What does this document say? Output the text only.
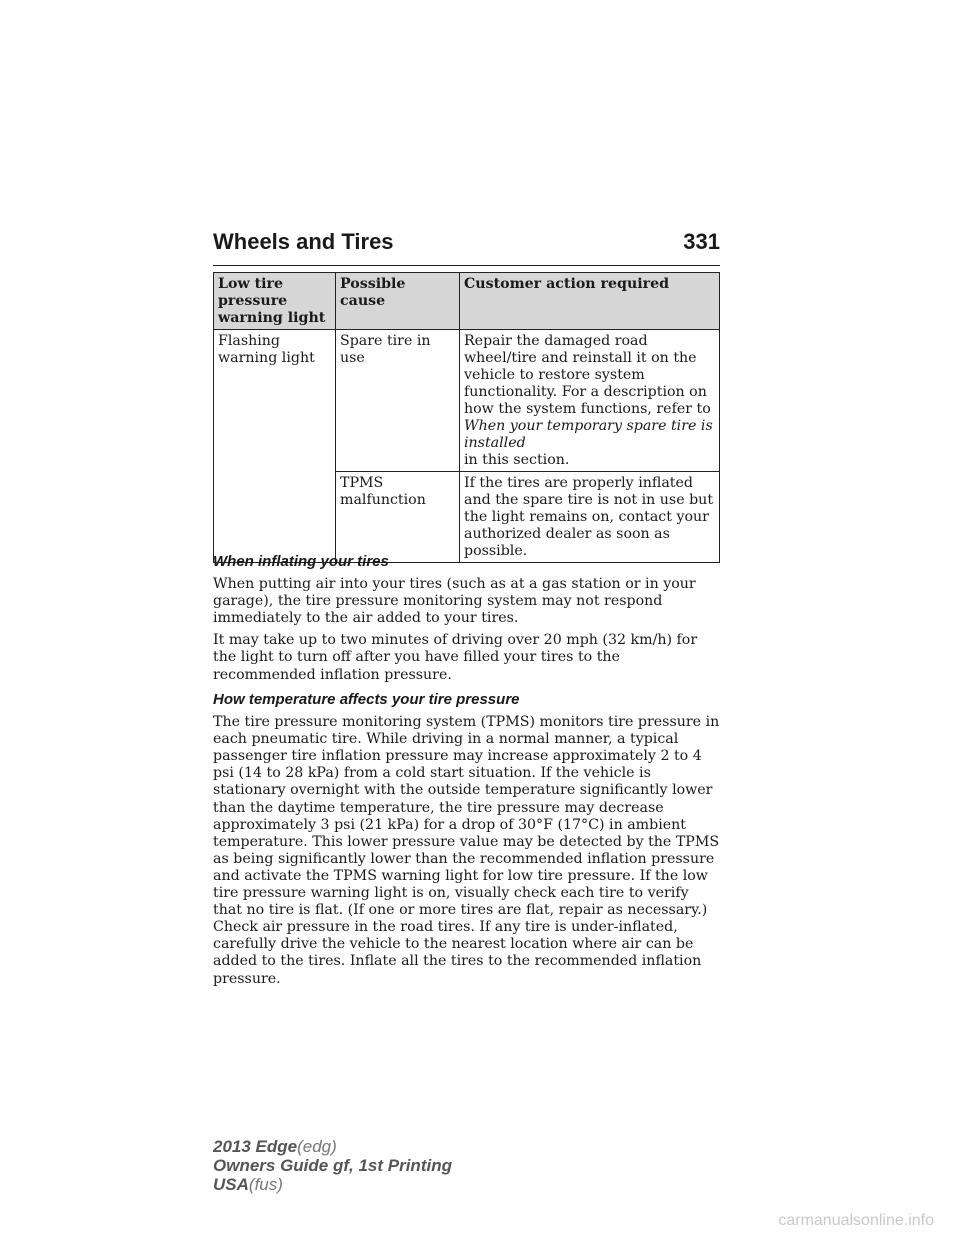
Wheels and Tires	331
Low tire pressure warning light	Possible cause	Customer action required
Flashing warning light	Spare tire in use	Repair the damaged road wheel/tire and reinstall it on the vehicle to restore system functionality. For a description on how the system functions, refer to When your temporary spare tire is installed
in this section.
	TPMS malfunction	If the tires are properly inflated and the spare tire is not in use but the light remains on, contact your authorized dealer as soon as possible.
When inflating your tires

When putting air into your tires (such as at a gas station or in your garage), the tire pressure monitoring system may not respond immediately to the air added to your tires.

It may take up to two minutes of driving over 20 mph (32 km/h) for the light to turn off after you have filled your tires to the recommended inflation pressure.

How temperature affects your tire pressure

The tire pressure monitoring system (TPMS) monitors tire pressure in each pneumatic tire. While driving in a normal manner, a typical passenger tire inflation pressure may increase approximately 2 to 4 psi (14 to 28 kPa) from a cold start situation. If the vehicle is stationary overnight with the outside temperature significantly lower than the daytime temperature, the tire pressure may decrease approximately 3 psi (21 kPa) for a drop of 30°F (17°C) in ambient temperature. This lower pressure value may be detected by the TPMS as being significantly lower than the recommended inflation pressure and activate the TPMS warning light for low tire pressure. If the low tire pressure warning light is on, visually check each tire to verify that no tire is flat. (If one or more tires are flat, repair as necessary.) Check air pressure in the road tires. If any tire is under-inflated, carefully drive the vehicle to the nearest location where air can be added to the tires. Inflate all the tires to the recommended inflation pressure.

2013 Edge(edg)
Owners Guide gf, 1st Printing
USA(fus)
carmanualsonline.info
